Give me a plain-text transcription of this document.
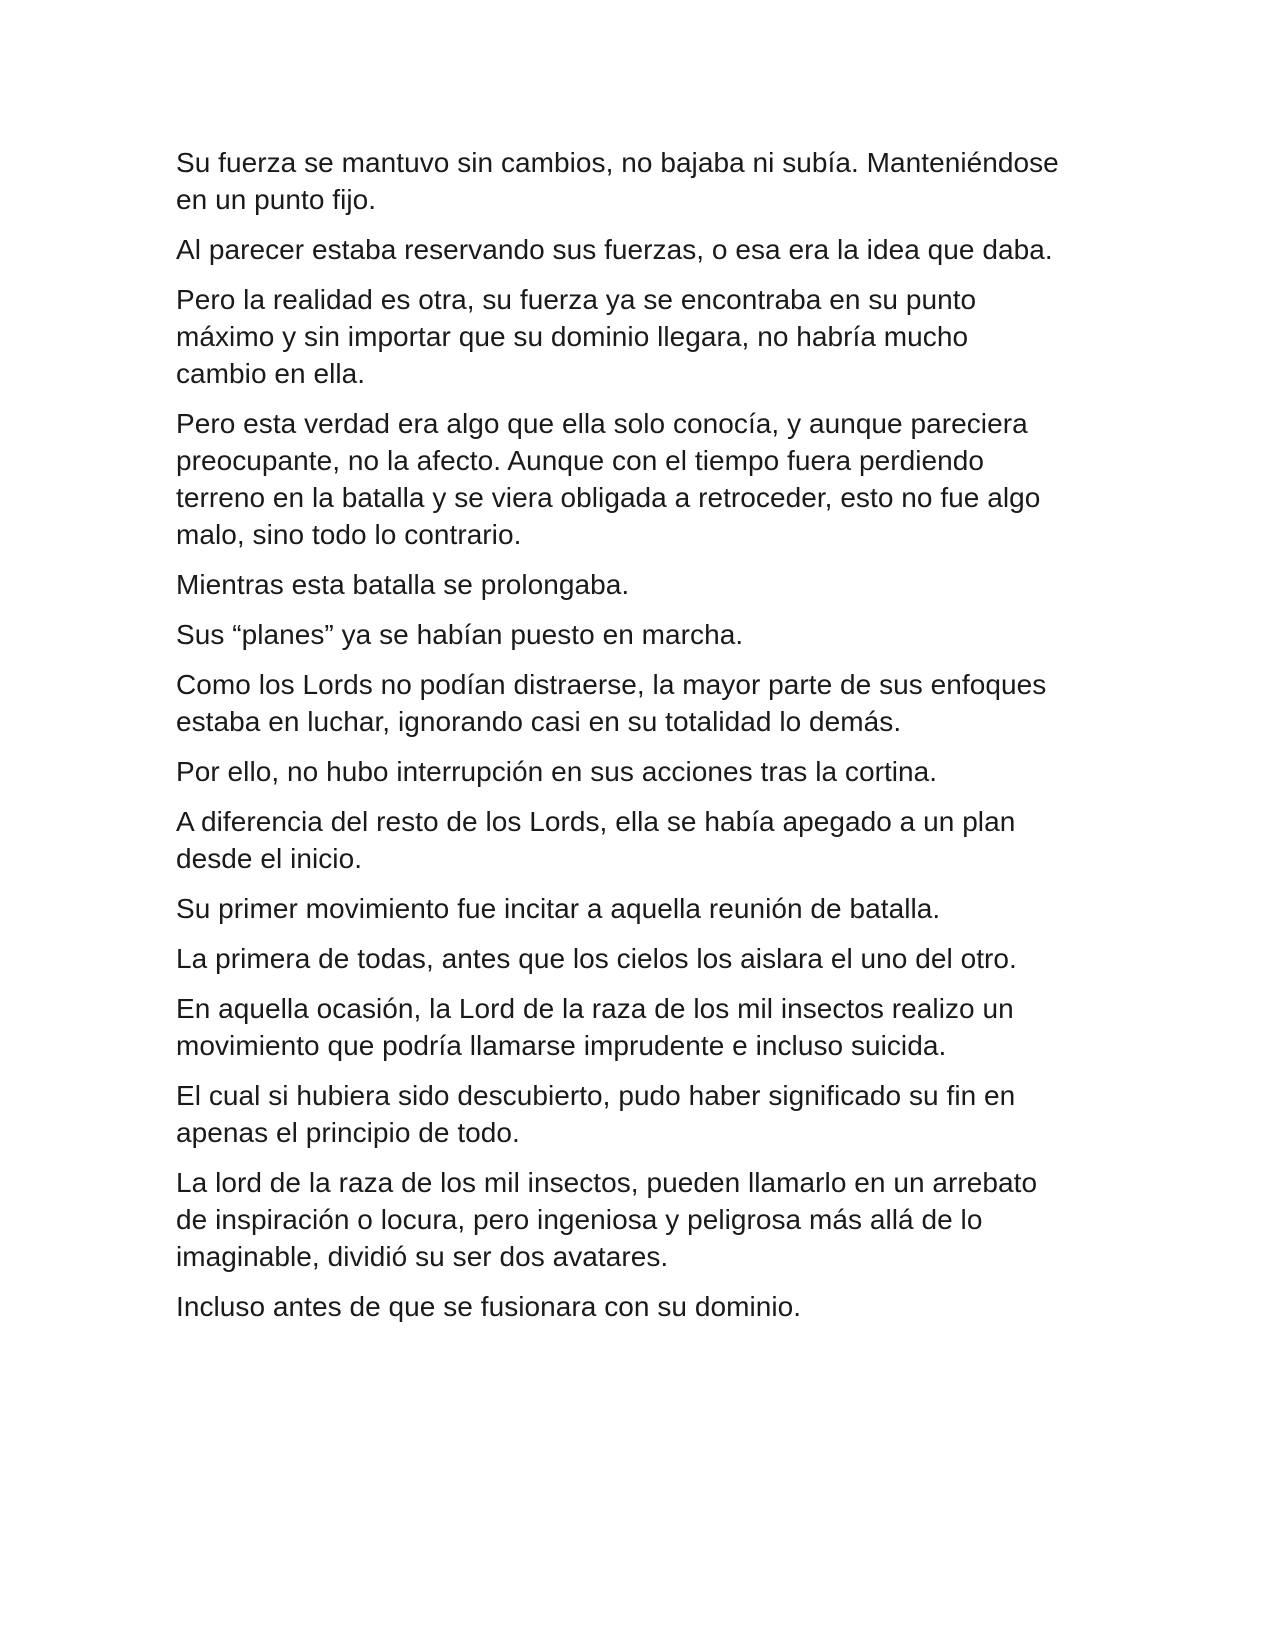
Su fuerza se mantuvo sin cambios, no bajaba ni subía. Manteniéndose
en un punto fijo.

Al parecer estaba reservando sus fuerzas, o esa era la idea que daba.

Pero la realidad es otra, su fuerza ya se encontraba en su punto
máximo y sin importar que su dominio llegara, no habría mucho
cambio en ella.

Pero esta verdad era algo que ella solo conocía, y aunque pareciera
preocupante, no la afecto. Aunque con el tiempo fuera perdiendo
terreno en la batalla y se viera obligada a retroceder, esto no fue algo
malo, sino todo lo contrario.

Mientras esta batalla se prolongaba.

Sus “planes” ya se habían puesto en marcha.

Como los Lords no podían distraerse, la mayor parte de sus enfoques
estaba en luchar, ignorando casi en su totalidad lo demás.

Por ello, no hubo interrupción en sus acciones tras la cortina.

A diferencia del resto de los Lords, ella se había apegado a un plan
desde el inicio.

Su primer movimiento fue incitar a aquella reunión de batalla.

La primera de todas, antes que los cielos los aislara el uno del otro.

En aquella ocasión, la Lord de la raza de los mil insectos realizo un
movimiento que podría llamarse imprudente e incluso suicida.

El cual si hubiera sido descubierto, pudo haber significado su fin en
apenas el principio de todo.

La lord de la raza de los mil insectos, pueden llamarlo en un arrebato
de inspiración o locura, pero ingeniosa y peligrosa más allá de lo
imaginable, dividió su ser dos avatares.

Incluso antes de que se fusionara con su dominio.
